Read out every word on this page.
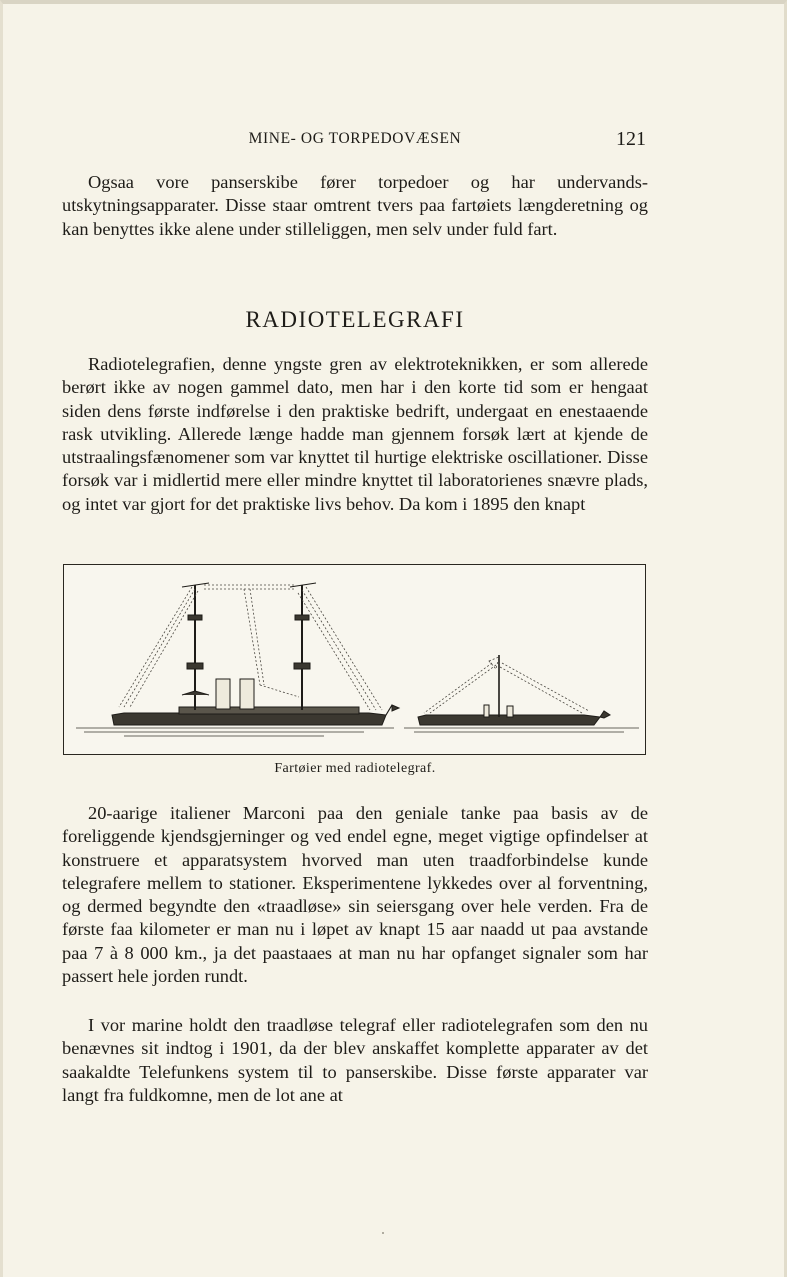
MINE- OG TORPEDOVÆSEN	121

Ogsaa vore panserskibe fører torpedoer og har undervands-utskytningsapparater. Disse staar omtrent tvers paa fartøiets længderetning og kan benyttes ikke alene under stilleliggen, men selv under fuld fart.

RADIOTELEGRAFI

Radiotelegrafien, denne yngste gren av elektroteknikken, er som allerede berørt ikke av nogen gammel dato, men har i den korte tid som er hengaat siden dens første indførelse i den praktiske bedrift, undergaat en enestaaende rask utvikling. Allerede længe hadde man gjennem forsøk lært at kjende de utstraalingsfænomener som var knyttet til hurtige elektriske oscillationer. Disse forsøk var i midlertid mere eller mindre knyttet til laboratorienes snævre plads, og intet var gjort for det praktiske livs behov. Da kom i 1895 den knapt

Fartøier med radiotelegraf.

20-aarige italiener Marconi paa den geniale tanke paa basis av de foreliggende kjendsgjerninger og ved endel egne, meget vigtige opfindelser at konstruere et apparatsystem hvorved man uten traadforbindelse kunde telegrafere mellem to stationer. Eksperimentene lykkedes over al forventning, og dermed begyndte den «traadløse» sin seiersgang over hele verden. Fra de første faa kilometer er man nu i løpet av knapt 15 aar naadd ut paa avstande paa 7 à 8 000 km., ja det paastaaes at man nu har opfanget signaler som har passert hele jorden rundt.

I vor marine holdt den traadløse telegraf eller radiotelegrafen som den nu benævnes sit indtog i 1901, da der blev anskaffet komplette apparater av det saakaldte Telefunkens system til to panserskibe. Disse første apparater var langt fra fuldkomne, men de lot ane at
